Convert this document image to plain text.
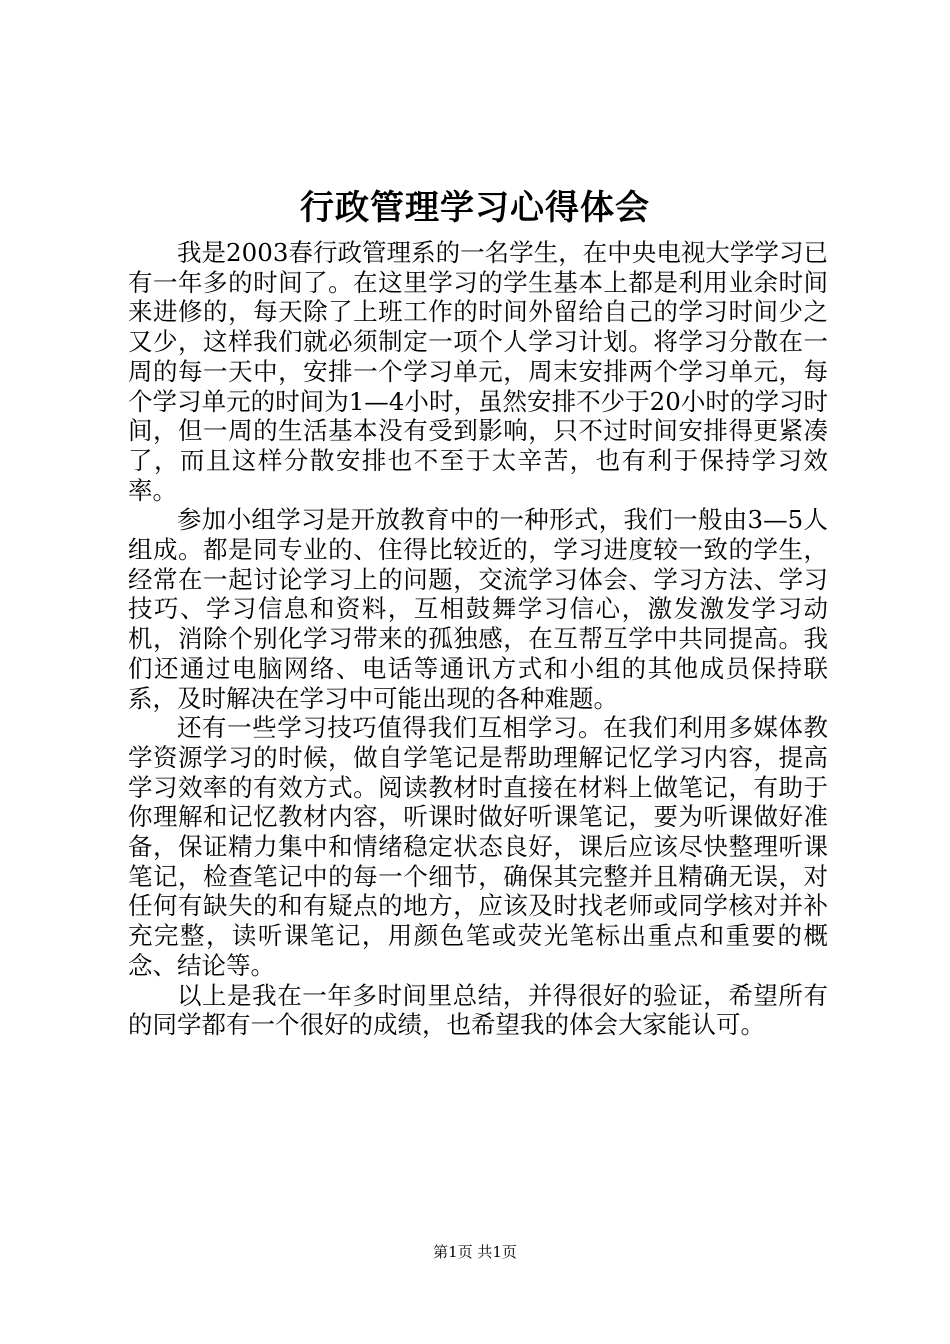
行政管理学习心得体会

我是2003春行政管理系的一名学生，在中央电视大学学习已有一年多的时间了。在这里学习的学生基本上都是利用业余时间来进修的，每天除了上班工作的时间外留给自己的学习时间少之又少，这样我们就必须制定一项个人学习计划。将学习分散在一周的每一天中，安排一个学习单元，周末安排两个学习单元，每个学习单元的时间为1—4小时，虽然安排不少于20小时的学习时间，但一周的生活基本没有受到影响，只不过时间安排得更紧凑了，而且这样分散安排也不至于太辛苦，也有利于保持学习效率。

参加小组学习是开放教育中的一种形式，我们一般由3—5人组成。都是同专业的、住得比较近的，学习进度较一致的学生，经常在一起讨论学习上的问题，交流学习体会、学习方法、学习技巧、学习信息和资料，互相鼓舞学习信心，激发激发学习动机，消除个别化学习带来的孤独感，在互帮互学中共同提高。我们还通过电脑网络、电话等通讯方式和小组的其他成员保持联系，及时解决在学习中可能出现的各种难题。

还有一些学习技巧值得我们互相学习。在我们利用多媒体教学资源学习的时候，做自学笔记是帮助理解记忆学习内容，提高学习效率的有效方式。阅读教材时直接在材料上做笔记，有助于你理解和记忆教材内容，听课时做好听课笔记，要为听课做好准备，保证精力集中和情绪稳定状态良好，课后应该尽快整理听课笔记，检查笔记中的每一个细节，确保其完整并且精确无误，对任何有缺失的和有疑点的地方，应该及时找老师或同学核对并补充完整，读听课笔记，用颜色笔或荧光笔标出重点和重要的概念、结论等。

以上是我在一年多时间里总结，并得很好的验证，希望所有的同学都有一个很好的成绩，也希望我的体会大家能认可。

第1页 共1页
